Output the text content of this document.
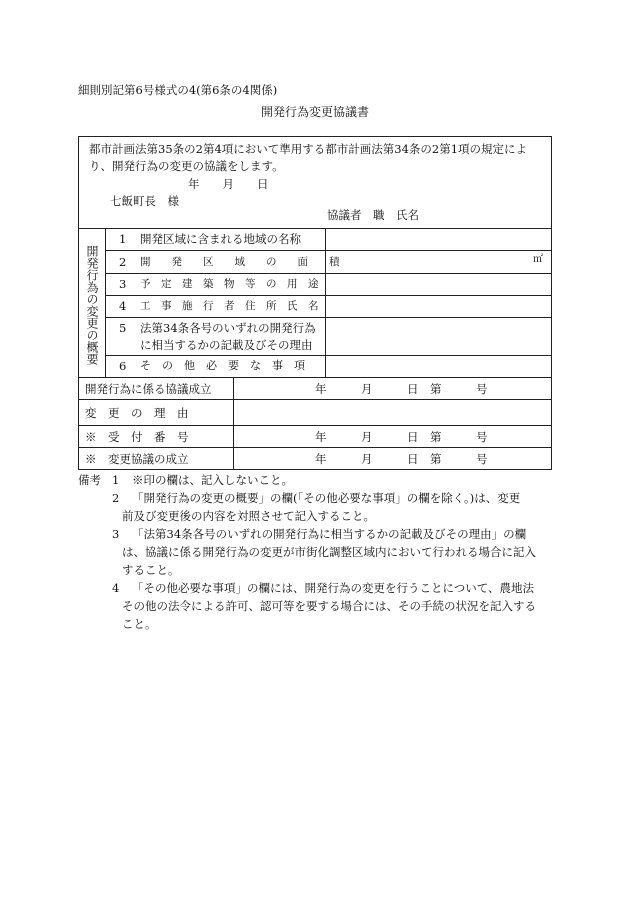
細則別記第6号様式の4(第6条の4関係)
開発行為変更協議書
都市計画法第35条の2第4項において準用する都市計画法第34条の2第1項の規定により、開発行為の変更の協議をします。
年　　月　　日
七飯町長　様
協議者　職　氏名
開発行為の変更の概要
1 開発区域に含まれる地域の名称
2 開　　発　　区　　域　　の　　面　　積	㎡
3 予　定　建　築　物　等　の　用　途
4 工　事　施　行　者　住　所　氏　名
5 法第34条各号のいずれの開発行為
に相当するかの記載及びその理由
6 そ　の　他　必　要　な　事　項
開発行為に係る協議成立	年　　　月　　　日　第　　　号
変　更　の　理　由
※　受　付　番　号	年　　　月　　　日　第　　　号
※　変更協議の成立	年　　　月　　　日　第　　　号
備考 1 ※印の欄は、記入しないこと。
2 「開発行為の変更の概要」の欄(「その他必要な事項」の欄を除く。)は、変更
前及び変更後の内容を対照させて記入すること。
3 「法第34条各号のいずれの開発行為に相当するかの記載及びその理由」の欄
は、協議に係る開発行為の変更が市街化調整区域内において行われる場合に記入
すること。
4 「その他必要な事項」の欄には、開発行為の変更を行うことについて、農地法
その他の法令による許可、認可等を要する場合には、その手続の状況を記入する
こと。
